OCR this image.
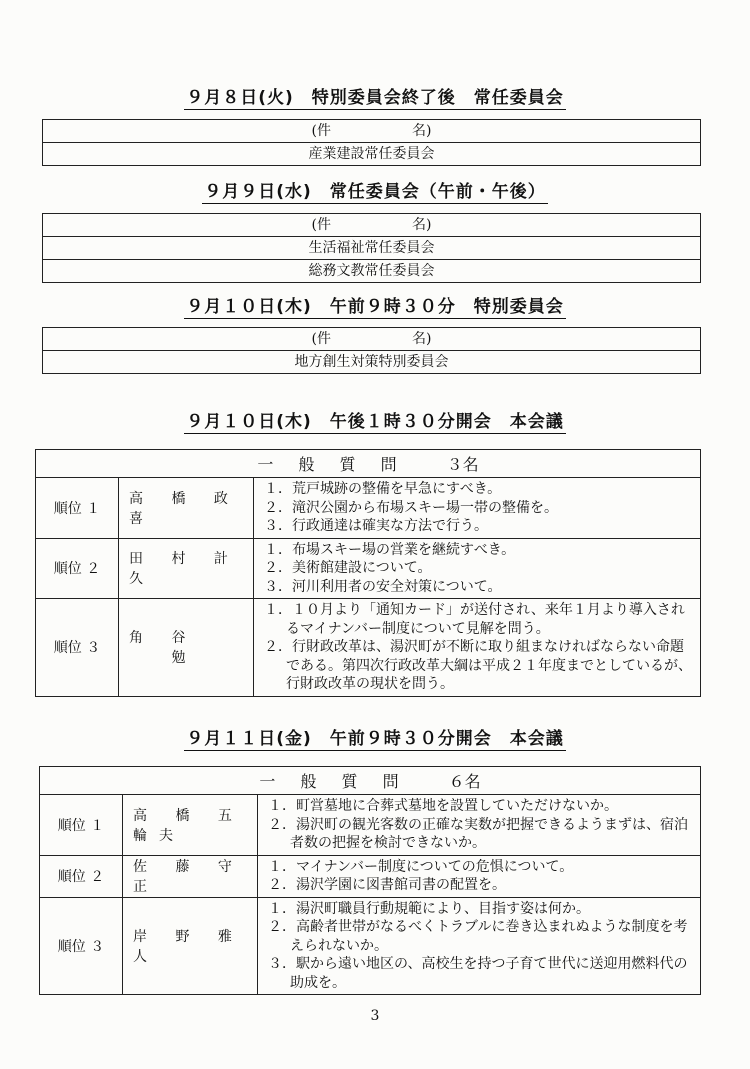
９月８日(火)　特別委員会終了後　常任委員会
(件	名)
産業建設常任委員会
９月９日(水)　常任委員会（午前・午後）
(件	名)
生活福祉常任委員会
総務文教常任委員会
９月１０日(木)　午前９時３０分　特別委員会
(件	名)
地方創生対策特別委員会
９月１０日(木)　午後１時３０分開会　本会議
一 般 質 問 ３名		
順位 １	高 橋 政 喜	１．荒戸城跡の整備を早急にすべき。
２．滝沢公園から布場スキー場一帯の整備を。
３．行政通達は確実な方法で行う。

順位 ２	田 村 計 久	１．布場スキー場の営業を継続すべき。
２．美術館建設について。
３．河川利用者の安全対策について。

順位 ３	角 谷 　 勉	１．１０月より「通知カード」が送付され、来年１月より導入されるマイナンバー制度について見解を問う。
２．行財政改革は、湯沢町が不断に取り組まなければならない命題である。第四次行政改革大綱は平成２１年度までとしているが、行財政改革の現状を問う。
９月１１日(金)　午前９時３０分開会　本会議
一 般 質 問 ６名		
順位 １	高 橋 五輪夫	１．町営墓地に合葬式墓地を設置していただけないか。
２．湯沢町の観光客数の正確な実数が把握できるようまずは、宿泊者数の把握を検討できないか。

順位 ２	佐 藤 守 正	１．マイナンバー制度についての危惧について。
２．湯沢学園に図書館司書の配置を。

順位 ３	岸 野 雅 人	１．湯沢町職員行動規範により、目指す姿は何か。
２．高齢者世帯がなるべくトラブルに巻き込まれぬような制度を考えられないか。
３．駅から遠い地区の、高校生を持つ子育て世代に送迎用燃料代の助成を。
3
